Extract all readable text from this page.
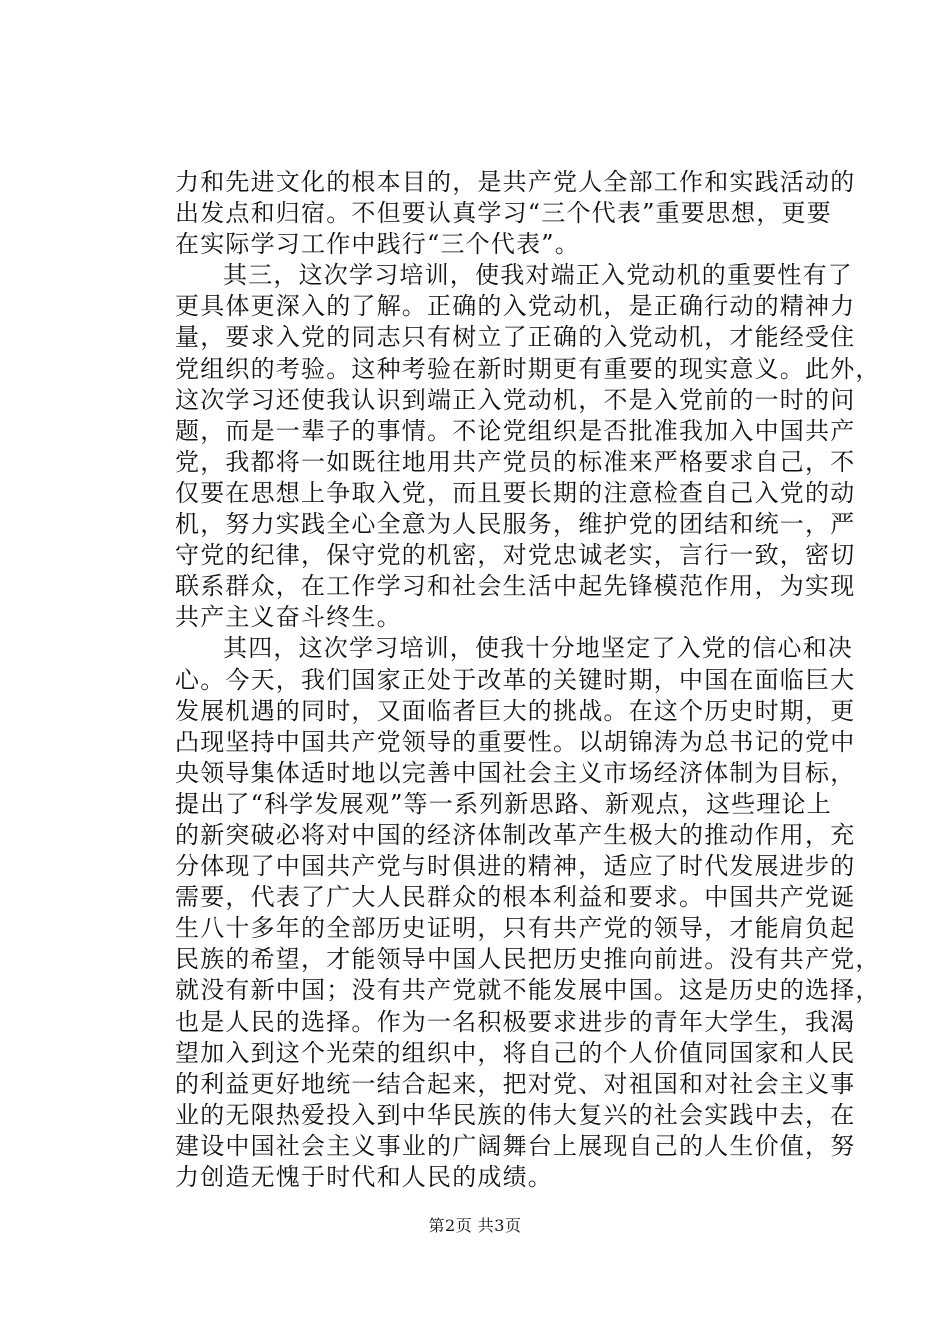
力和先进文化的根本目的，是共产党人全部工作和实践活动的
出发点和归宿。不但要认真学习“三个代表”重要思想，更要
在实际学习工作中践行“三个代表”。
其三，这次学习培训，使我对端正入党动机的重要性有了
更具体更深入的了解。正确的入党动机，是正确行动的精神力
量，要求入党的同志只有树立了正确的入党动机，才能经受住
党组织的考验。这种考验在新时期更有重要的现实意义。此外，
这次学习还使我认识到端正入党动机，不是入党前的一时的问
题，而是一辈子的事情。不论党组织是否批准我加入中国共产
党，我都将一如既往地用共产党员的标准来严格要求自己，不
仅要在思想上争取入党，而且要长期的注意检查自己入党的动
机，努力实践全心全意为人民服务，维护党的团结和统一，严
守党的纪律，保守党的机密，对党忠诚老实，言行一致，密切
联系群众，在工作学习和社会生活中起先锋模范作用，为实现
共产主义奋斗终生。
其四，这次学习培训，使我十分地坚定了入党的信心和决
心。今天，我们国家正处于改革的关键时期，中国在面临巨大
发展机遇的同时，又面临者巨大的挑战。在这个历史时期，更
凸现坚持中国共产党领导的重要性。以胡锦涛为总书记的党中
央领导集体适时地以完善中国社会主义市场经济体制为目标，
提出了“科学发展观”等一系列新思路、新观点，这些理论上
的新突破必将对中国的经济体制改革产生极大的推动作用，充
分体现了中国共产党与时俱进的精神，适应了时代发展进步的
需要，代表了广大人民群众的根本利益和要求。中国共产党诞
生八十多年的全部历史证明，只有共产党的领导，才能肩负起
民族的希望，才能领导中国人民把历史推向前进。没有共产党，
就没有新中国；没有共产党就不能发展中国。这是历史的选择，
也是人民的选择。作为一名积极要求进步的青年大学生，我渴
望加入到这个光荣的组织中，将自己的个人价值同国家和人民
的利益更好地统一结合起来，把对党、对祖国和对社会主义事
业的无限热爱投入到中华民族的伟大复兴的社会实践中去，在
建设中国社会主义事业的广阔舞台上展现自己的人生价值，努
力创造无愧于时代和人民的成绩。
第2页 共3页
